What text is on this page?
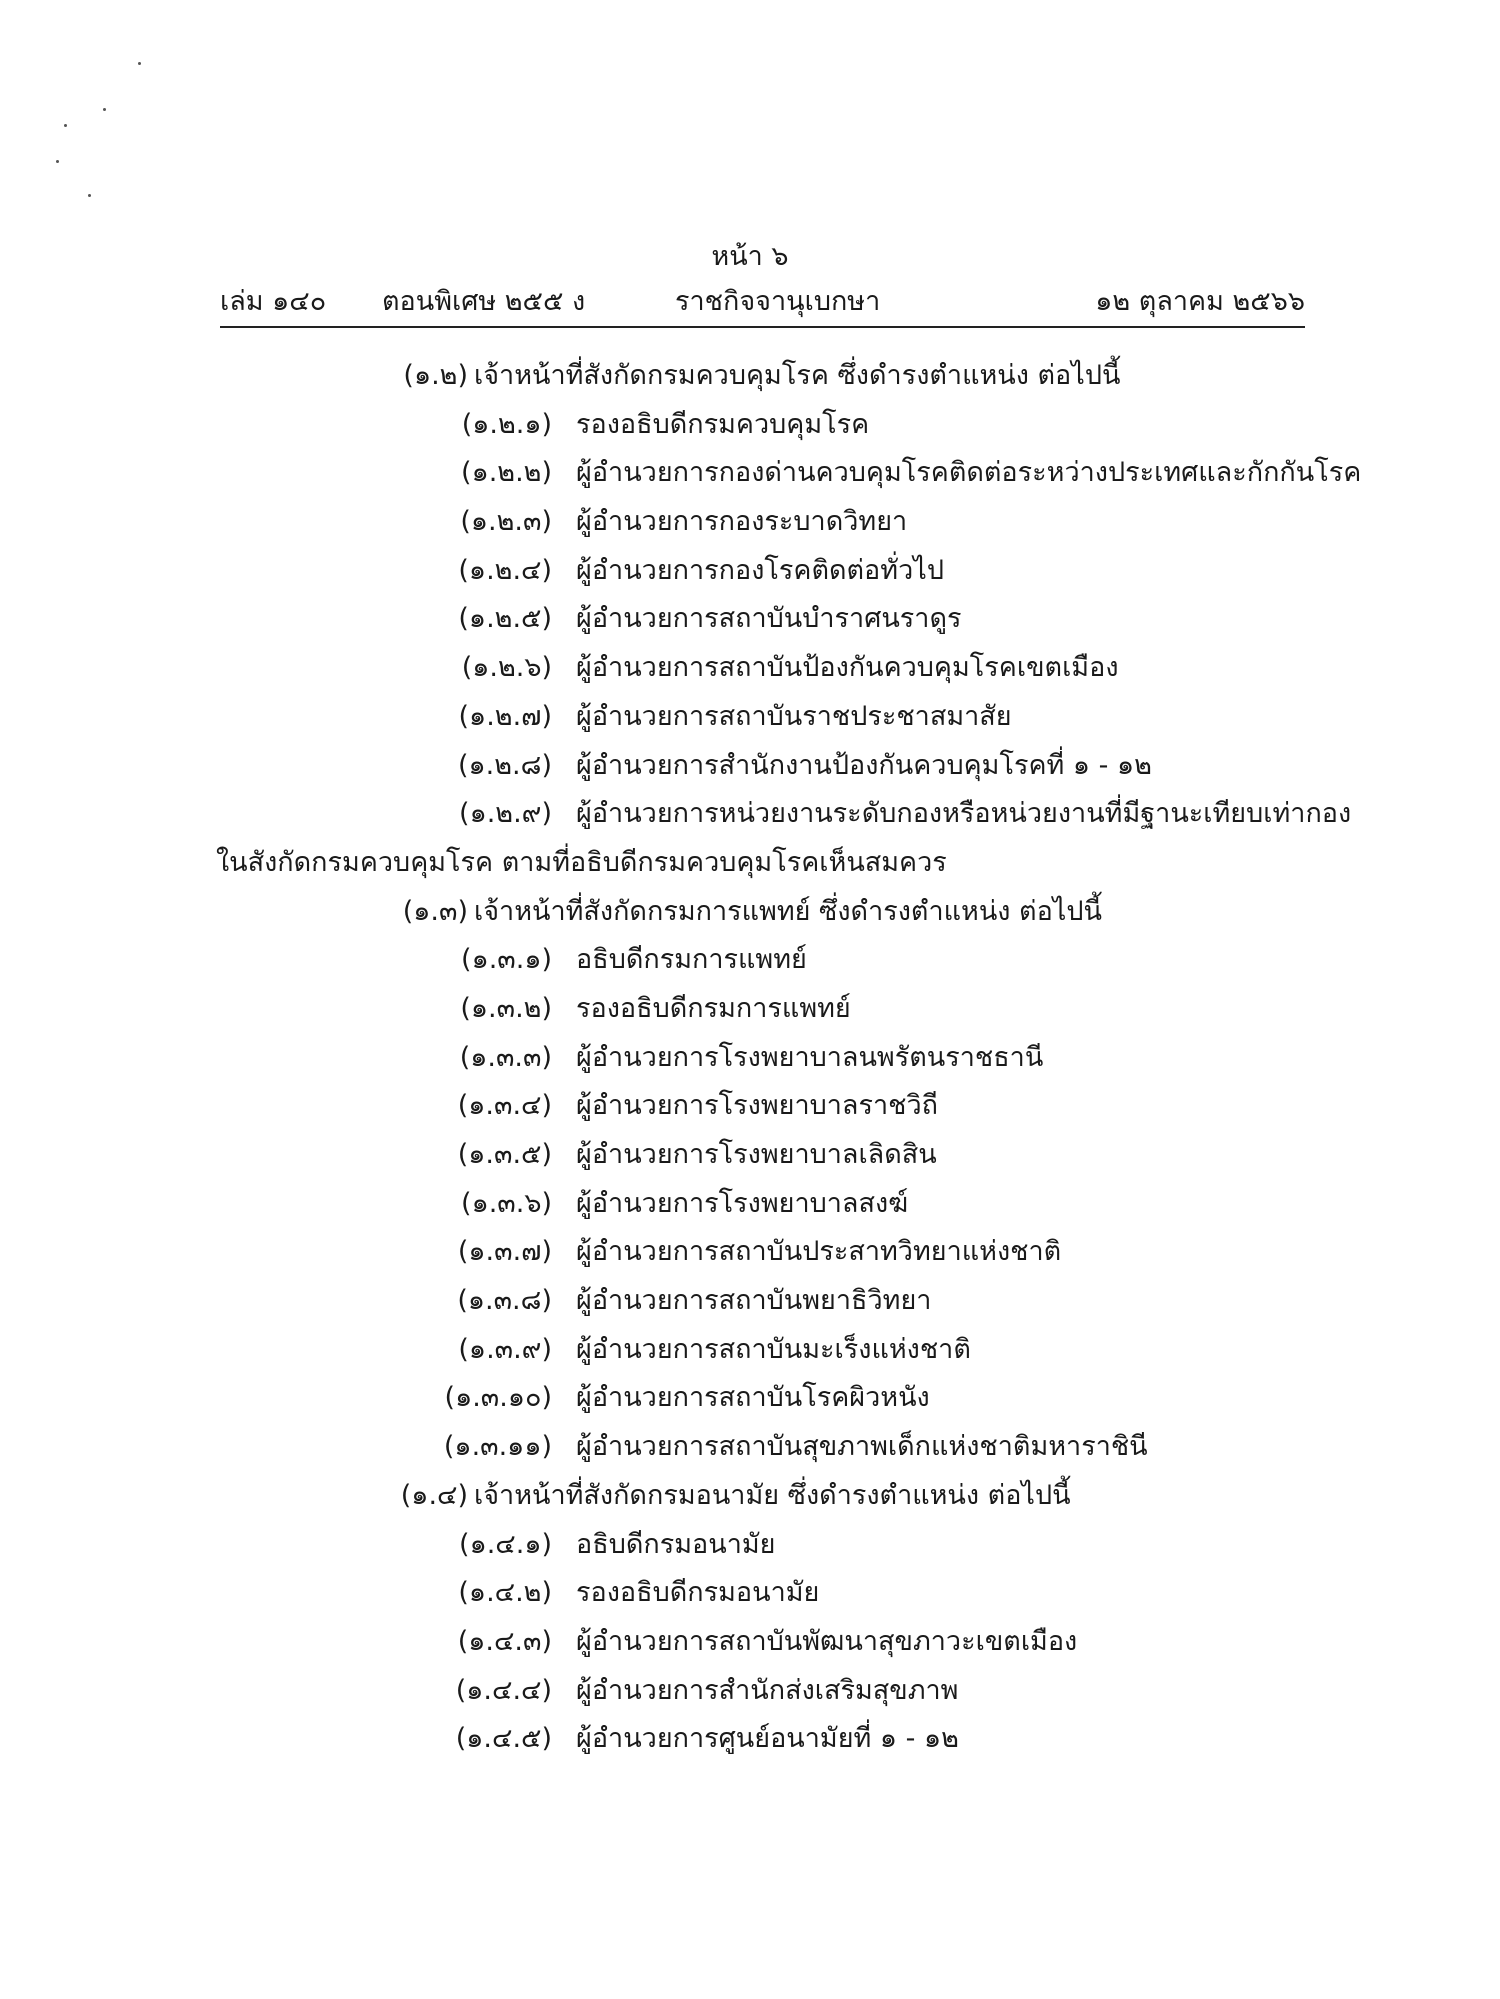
หน้า ๖
เล่ม ๑๔๐ ตอนพิเศษ ๒๕๕ ง	ราชกิจจานุเบกษา	๑๒ ตุลาคม ๒๕๖๖
(๑.๒) เจ้าหน้าที่สังกัดกรมควบคุมโรค ซึ่งดำรงตำแหน่ง ต่อไปนี้
(๑.๒.๑) รองอธิบดีกรมควบคุมโรค
(๑.๒.๒) ผู้อำนวยการกองด่านควบคุมโรคติดต่อระหว่างประเทศและกักกันโรค
(๑.๒.๓) ผู้อำนวยการกองระบาดวิทยา
(๑.๒.๔) ผู้อำนวยการกองโรคติดต่อทั่วไป
(๑.๒.๕) ผู้อำนวยการสถาบันบำราศนราดูร
(๑.๒.๖) ผู้อำนวยการสถาบันป้องกันควบคุมโรคเขตเมือง
(๑.๒.๗) ผู้อำนวยการสถาบันราชประชาสมาสัย
(๑.๒.๘) ผู้อำนวยการสำนักงานป้องกันควบคุมโรคที่ ๑ - ๑๒
(๑.๒.๙) ผู้อำนวยการหน่วยงานระดับกองหรือหน่วยงานที่มีฐานะเทียบเท่ากอง
ในสังกัดกรมควบคุมโรค ตามที่อธิบดีกรมควบคุมโรคเห็นสมควร
(๑.๓) เจ้าหน้าที่สังกัดกรมการแพทย์ ซึ่งดำรงตำแหน่ง ต่อไปนี้
(๑.๓.๑) อธิบดีกรมการแพทย์
(๑.๓.๒) รองอธิบดีกรมการแพทย์
(๑.๓.๓) ผู้อำนวยการโรงพยาบาลนพรัตนราชธานี
(๑.๓.๔) ผู้อำนวยการโรงพยาบาลราชวิถี
(๑.๓.๕) ผู้อำนวยการโรงพยาบาลเลิดสิน
(๑.๓.๖) ผู้อำนวยการโรงพยาบาลสงฆ์
(๑.๓.๗) ผู้อำนวยการสถาบันประสาทวิทยาแห่งชาติ
(๑.๓.๘) ผู้อำนวยการสถาบันพยาธิวิทยา
(๑.๓.๙) ผู้อำนวยการสถาบันมะเร็งแห่งชาติ
(๑.๓.๑๐) ผู้อำนวยการสถาบันโรคผิวหนัง
(๑.๓.๑๑) ผู้อำนวยการสถาบันสุขภาพเด็กแห่งชาติมหาราชินี
(๑.๔) เจ้าหน้าที่สังกัดกรมอนามัย ซึ่งดำรงตำแหน่ง ต่อไปนี้
(๑.๔.๑) อธิบดีกรมอนามัย
(๑.๔.๒) รองอธิบดีกรมอนามัย
(๑.๔.๓) ผู้อำนวยการสถาบันพัฒนาสุขภาวะเขตเมือง
(๑.๔.๔) ผู้อำนวยการสำนักส่งเสริมสุขภาพ
(๑.๔.๕) ผู้อำนวยการศูนย์อนามัยที่ ๑ - ๑๒
